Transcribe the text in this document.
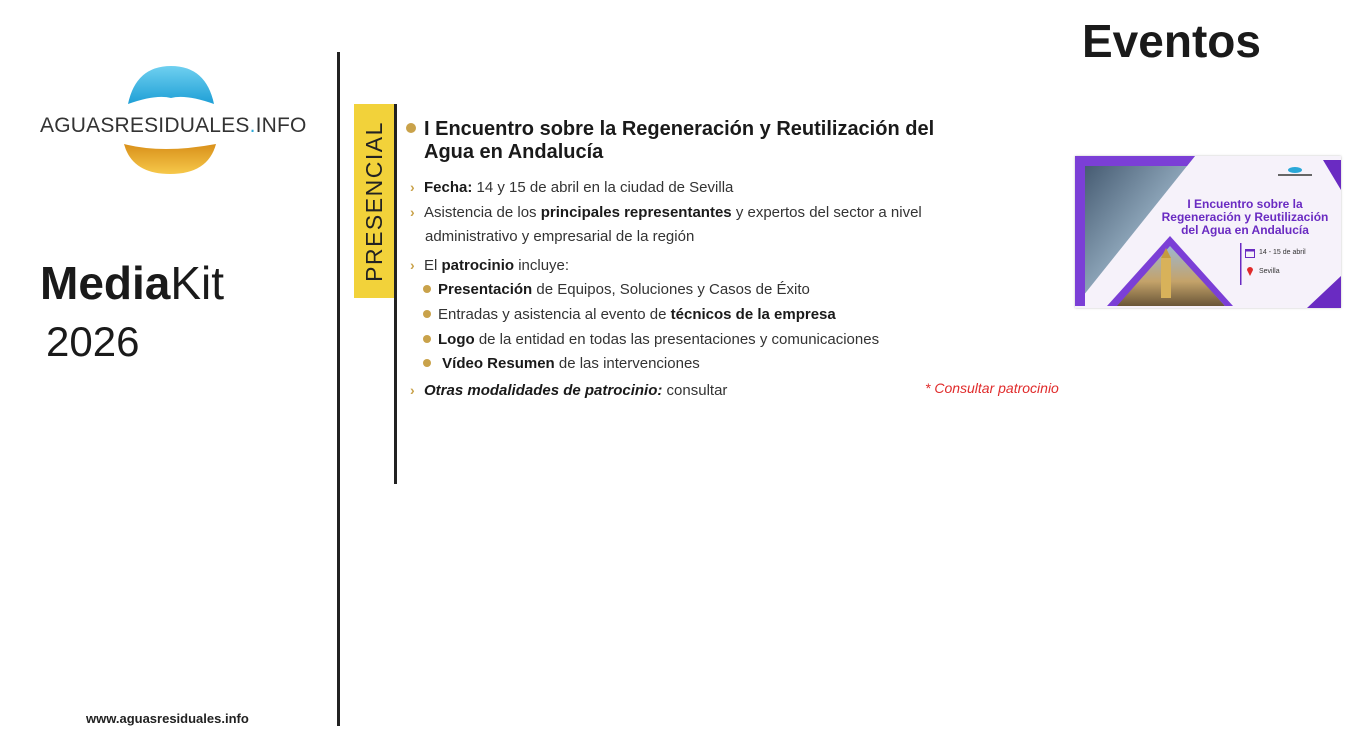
AGUASRESIDUALES.INFO
MediaKit
2026
www.aguasresiduales.info
Eventos
PRESENCIAL	I Encuentro sobre la Regeneración y Reutilización del Agua en Andalucía
› Fecha: 14 y 15 de abril en la ciudad de Sevilla
› Asistencia de los principales representantes y expertos del sector a nivel
administrativo y empresarial de la región
› El patrocinio incluye:
Presentación de Equipos, Soluciones y Casos de Éxito
Entradas y asistencia al evento de técnicos de la empresa
Logo de la entidad en todas las presentaciones y comunicaciones
Vídeo Resumen de las intervenciones
› Otras modalidades de patrocinio: consultar	* Consultar patrocinio
I Encuentro sobre la Regeneración y Reutilización del Agua en Andalucía
14 - 15 de abril
Sevilla
